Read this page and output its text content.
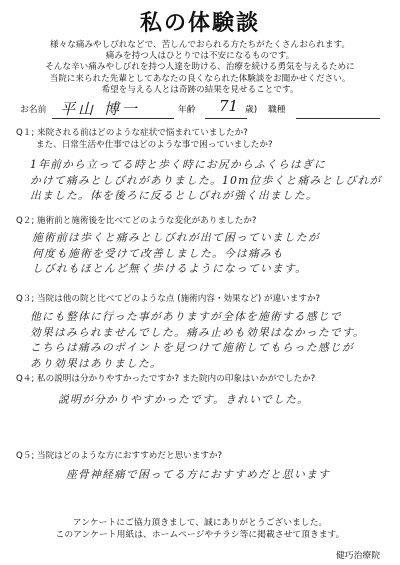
私の体験談
様々な痛みやしびれなどで、苦しんでおられる方たちがたくさんおられます。
痛みを持つ人はひとりでは不安になるものです。
そんな辛い痛みやしびれを持つ人達を助ける、治療を続ける勇気を与えるために
当院に来られた先輩としてあなたの良くなられた体験談をお聞かせください。
希望を与える人とは奇跡の結果を見せることです。
お名前 平山 博一	年齢 71 歳) 職種
Q１; 来院される前はどのような症状で悩まれていましたか?
　　 また、日常生活や仕事ではどのような事で困っていましたか?
1年前から立ってる時と歩く時にお尻からふくらはぎに
かけて痛みとしびれがありました。10m位歩くと痛みとしびれが
出ました。体を後ろに反るとしびれが強く出ました。
Q２; 施術前と施術後を比べてどのような変化がありましたか?
施術前は歩くと痛みとしびれが出て困っていましたが
何度も施術を受けて改善しました。今は痛みも
しびれもほとんど無く歩けるようになっています。
Q３; 当院は他の院と比べてどのような点 (施術内容・効果など) が違いますか?
他にも整体に行った事がありますが全体を施術する感じで
効果はみられませんでした。痛み止めも効果はなかったです。
こちらは痛みのポイントを見つけて施術してもらった感じが
あり効果はありました。
Q４; 私の説明は分かりやすかったですか? また院内の印象はいかがでしたか?
説明が分かりやすかったです。きれいでした。
Q５; 当院はどのような方におすすめだと思いますか?
座骨神経痛で困ってる方におすすめだと思います
アンケートにご協力頂きまして、誠にありがとうございました。
このアンケート用紙は、ホームページやチラシ等に掲載させて頂きます。
健巧治療院
